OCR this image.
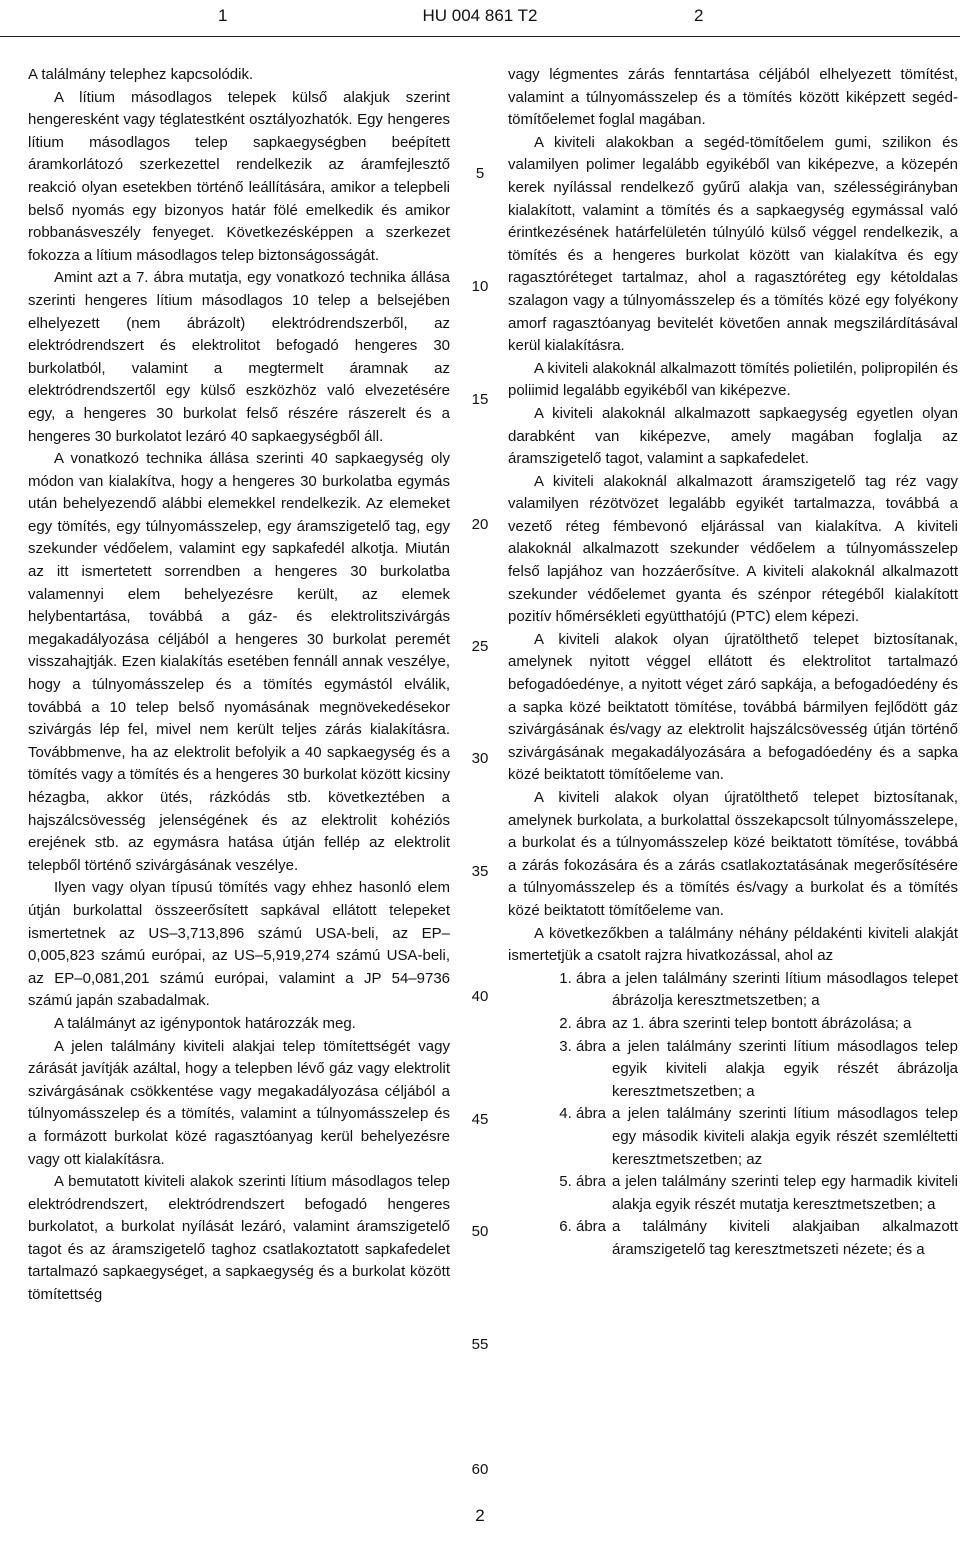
1	HU 004 861 T2	2

A találmány telephez kapcsolódik.

A lítium másodlagos telepek külső alakjuk szerint hengeresként vagy téglatestként osztályozhatók. Egy hengeres lítium másodlagos telep sapkaegységben beépített áramkorlátozó szerkezettel rendelkezik az áramfejlesztő reakció olyan esetekben történő leállítására, amikor a telepbeli belső nyomás egy bizonyos határ fölé emelkedik és amikor robbanásveszély fenyeget. Következésképpen a szerkezet fokozza a lítium másodlagos telep biztonságosságát.

Amint azt a 7. ábra mutatja, egy vonatkozó technika állása szerinti hengeres lítium másodlagos 10 telep a belsejében elhelyezett (nem ábrázolt) elektródrendszerből, az elektródrendszert és elektrolitot befogadó hengeres 30 burkolatból, valamint a megtermelt áramnak az elektródrendszertől egy külső eszközhöz való elvezetésére egy, a hengeres 30 burkolat felső részére rászerelt és a hengeres 30 burkolatot lezáró 40 sapkaegységből áll.

A vonatkozó technika állása szerinti 40 sapkaegység oly módon van kialakítva, hogy a hengeres 30 burkolatba egymás után behelyezendő alábbi elemekkel rendelkezik. Az elemeket egy tömítés, egy túlnyomásszelep, egy áramszigetelő tag, egy szekunder védőelem, valamint egy sapkafedél alkotja. Miután az itt ismertetett sorrendben a hengeres 30 burkolatba valamennyi elem behelyezésre került, az elemek helybentartása, továbbá a gáz- és elektrolitszivárgás megakadályozása céljából a hengeres 30 burkolat peremét visszahajtják. Ezen kialakítás esetében fennáll annak veszélye, hogy a túlnyomásszelep és a tömítés egymástól elválik, továbbá a 10 telep belső nyomásának megnövekedésekor szivárgás lép fel, mivel nem került teljes zárás kialakításra. Továbbmenve, ha az elektrolit befolyik a 40 sapkaegység és a tömítés vagy a tömítés és a hengeres 30 burkolat között kicsiny hézagba, akkor ütés, rázkódás stb. következtében a hajszálcsövesség jelenségének és az elektrolit kohéziós erejének stb. az egymásra hatása útján fellép az elektrolit telepből történő szivárgásának veszélye.

Ilyen vagy olyan típusú tömítés vagy ehhez hasonló elem útján burkolattal összeerősített sapkával ellátott telepeket ismertetnek az US–3,713,896 számú USA-beli, az EP–0,005,823 számú európai, az US–5,919,274 számú USA-beli, az EP–0,081,201 számú európai, valamint a JP 54–9736 számú japán szabadalmak.

A találmányt az igénypontok határozzák meg.

A jelen találmány kiviteli alakjai telep tömítettségét vagy zárását javítják azáltal, hogy a telepben lévő gáz vagy elektrolit szivárgásának csökkentése vagy megakadályozása céljából a túlnyomásszelep és a tömítés, valamint a túlnyomásszelep és a formázott burkolat közé ragasztóanyag kerül behelyezésre vagy ott kialakításra.

A bemutatott kiviteli alakok szerinti lítium másodlagos telep elektródrendszert, elektródrendszert befogadó hengeres burkolatot, a burkolat nyílását lezáró, valamint áramszigetelő tagot és az áramszigetelő taghoz csatlakoztatott sapkafedelet tartalmazó sapkaegységet, a sapkaegység és a burkolat között tömítettség

5
10
15
20
25
30
35
40
45
50
55
60

vagy légmentes zárás fenntartása céljából elhelyezett tömítést, valamint a túlnyomásszelep és a tömítés között kiképzett segéd-tömítőelemet foglal magában.

A kiviteli alakokban a segéd-tömítőelem gumi, szilikon és valamilyen polimer legalább egyikéből van kiképezve, a közepén kerek nyílással rendelkező gyűrű alakja van, szélességirányban kialakított, valamint a tömítés és a sapkaegység egymással való érintkezésének határfelületén túlnyúló külső véggel rendelkezik, a tömítés és a hengeres burkolat között van kialakítva és egy ragasztóréteget tartalmaz, ahol a ragasztóréteg egy kétoldalas szalagon vagy a túlnyomásszelep és a tömítés közé egy folyékony amorf ragasztóanyag bevitelét követően annak megszilárdításával kerül kialakításra.

A kiviteli alakoknál alkalmazott tömítés polietilén, polipropilén és poliimid legalább egyikéből van kiképezve.

A kiviteli alakoknál alkalmazott sapkaegység egyetlen olyan darabként van kiképezve, amely magában foglalja az áramszigetelő tagot, valamint a sapkafedelet.

A kiviteli alakoknál alkalmazott áramszigetelő tag réz vagy valamilyen rézötvözet legalább egyikét tartalmazza, továbbá a vezető réteg fémbevonó eljárással van kialakítva. A kiviteli alakoknál alkalmazott szekunder védőelem a túlnyomásszelep felső lapjához van hozzáerősítve. A kiviteli alakoknál alkalmazott szekunder védőelemet gyanta és szénpor rétegéből kialakított pozitív hőmérsékleti együtthatójú (PTC) elem képezi.

A kiviteli alakok olyan újratölthető telepet biztosítanak, amelynek nyitott véggel ellátott és elektrolitot tartalmazó befogadóedénye, a nyitott véget záró sapkája, a befogadóedény és a sapka közé beiktatott tömítése, továbbá bármilyen fejlődött gáz szivárgásának és/vagy az elektrolit hajszálcsövesség útján történő szivárgásának megakadályozására a befogadóedény és a sapka közé beiktatott tömítőeleme van.

A kiviteli alakok olyan újratölthető telepet biztosítanak, amelynek burkolata, a burkolattal összekapcsolt túlnyomásszelepe, a burkolat és a túlnyomásszelep közé beiktatott tömítése, továbbá a zárás fokozására és a zárás csatlakoztatásának megerősítésére a túlnyomásszelep és a tömítés és/vagy a burkolat és a tömítés közé beiktatott tömítőeleme van.

A következőkben a találmány néhány példakénti kiviteli alakját ismertetjük a csatolt rajzra hivatkozással, ahol az

1. ábra a jelen találmány szerinti lítium másodlagos telepet ábrázolja keresztmetszetben; a
2. ábra az 1. ábra szerinti telep bontott ábrázolása; a
3. ábra a jelen találmány szerinti lítium másodlagos telep egyik kiviteli alakja egyik részét ábrázolja keresztmetszetben; a
4. ábra a jelen találmány szerinti lítium másodlagos telep egy második kiviteli alakja egyik részét szemléltetti keresztmetszetben; az
5. ábra a jelen találmány szerinti telep egy harmadik kiviteli alakja egyik részét mutatja keresztmetszetben; a
6. ábra a találmány kiviteli alakjaiban alkalmazott áramszigetelő tag keresztmetszeti nézete; és a
2
